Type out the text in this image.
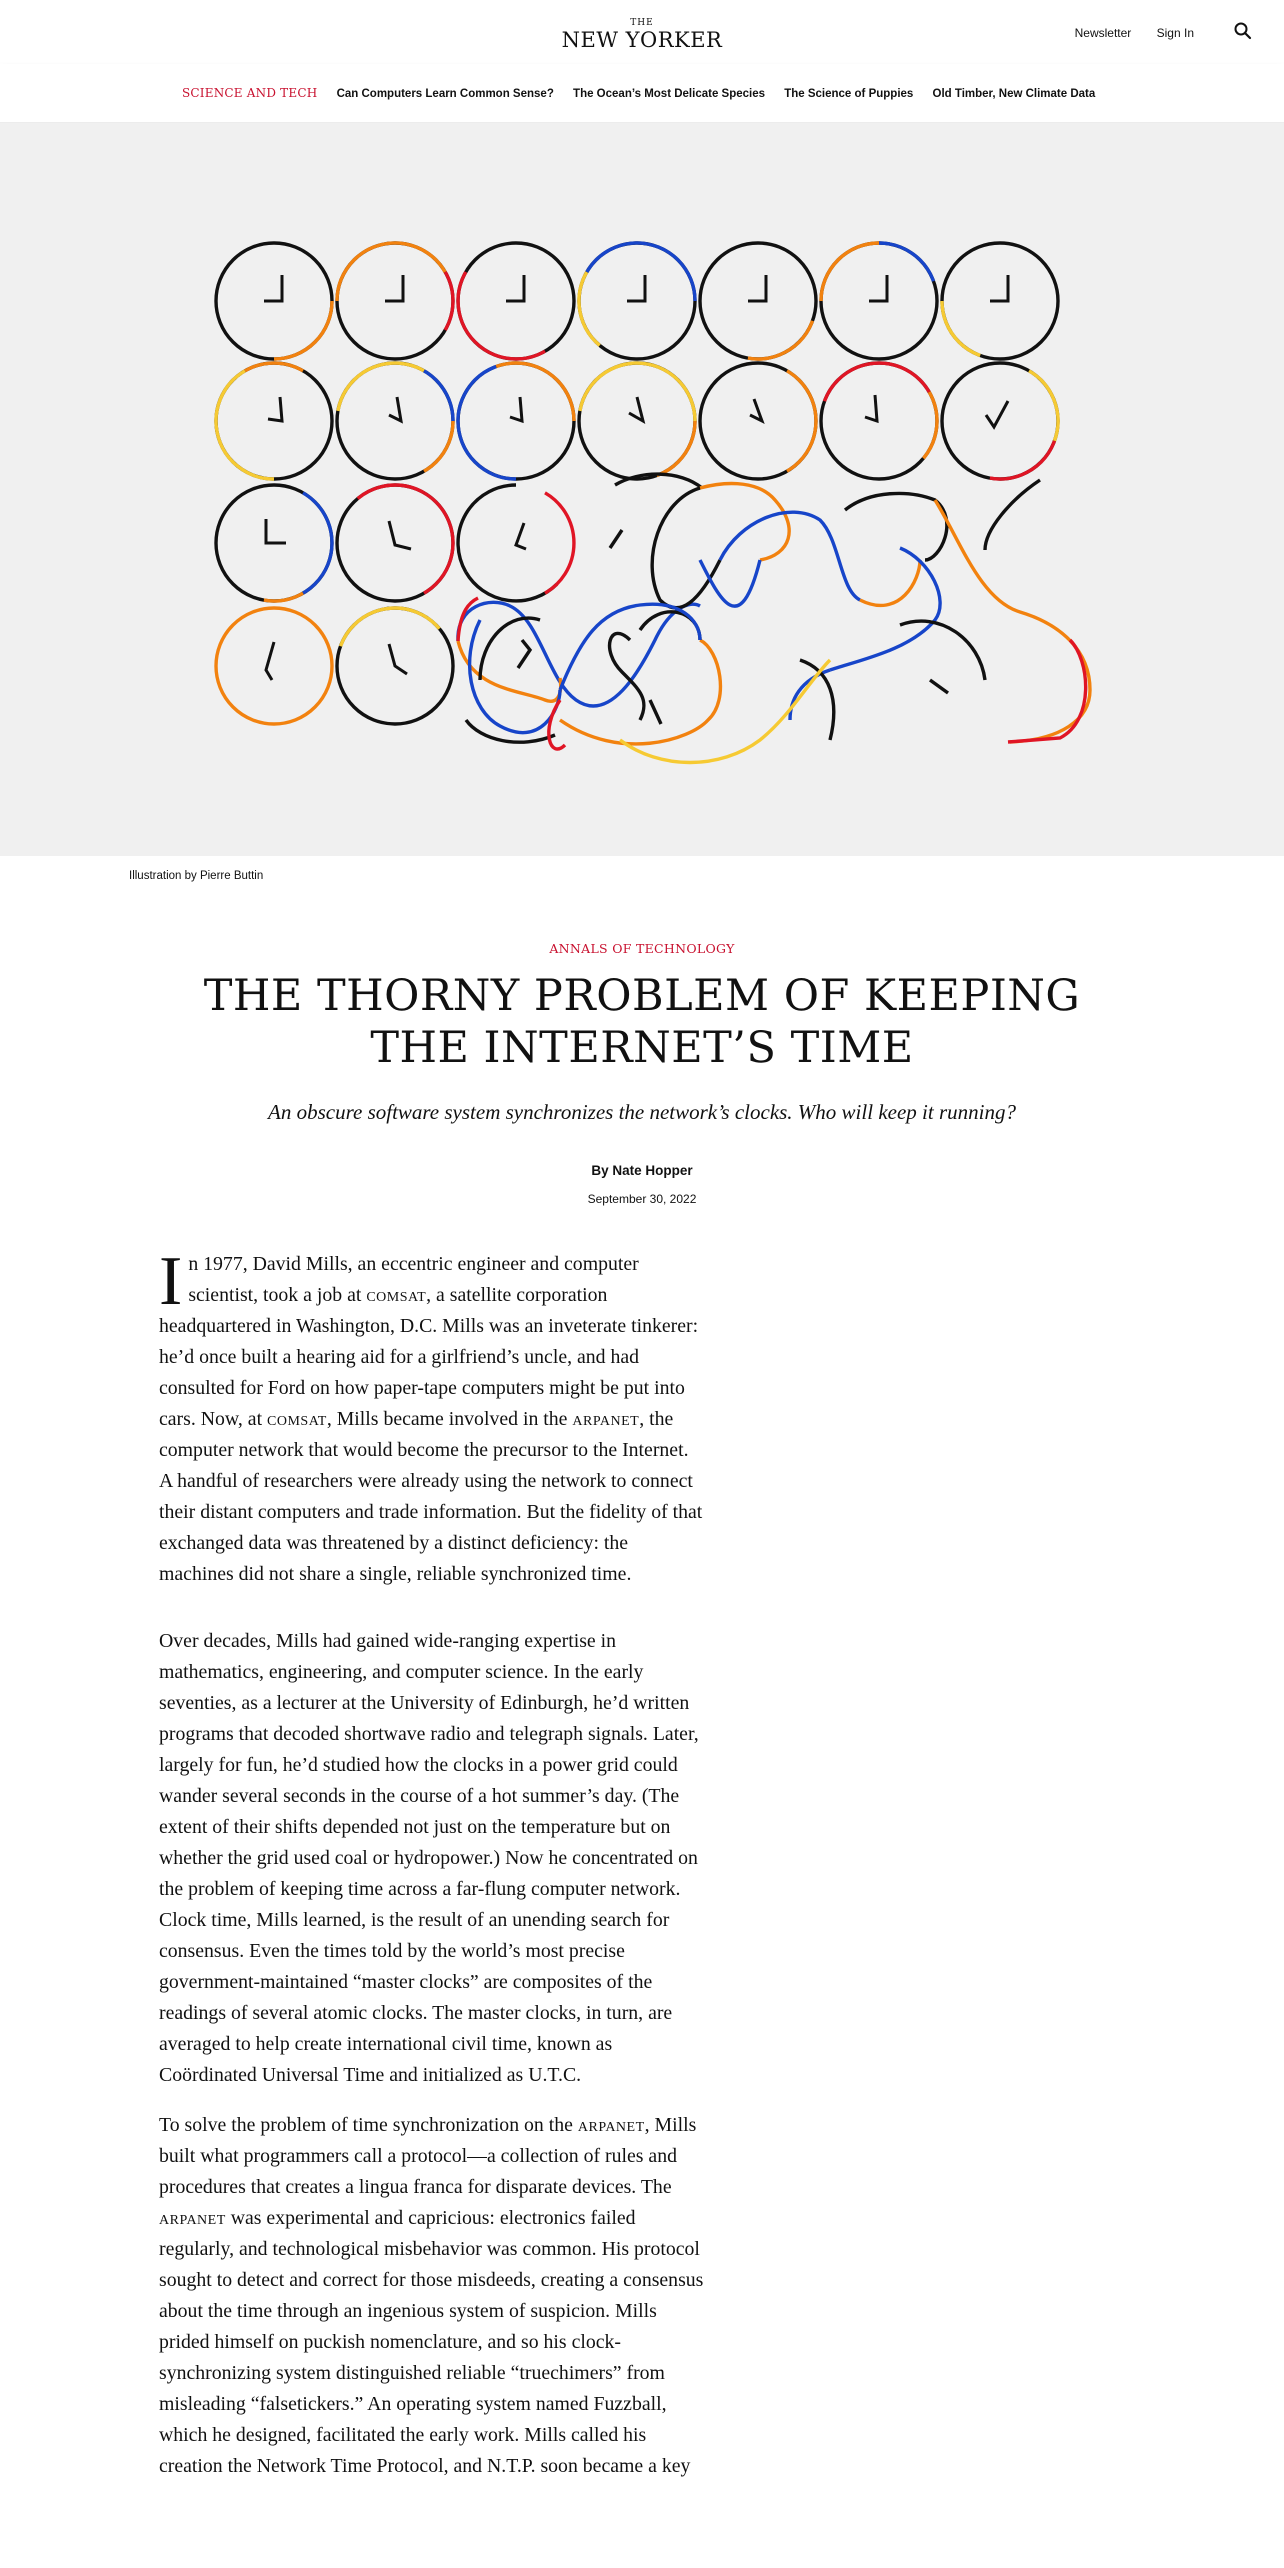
THE
NEW YORKER	Newsletter Sign In
SCIENCE AND TECH Can Computers Learn Common Sense? The Ocean’s Most Delicate Species The Science of Puppies Old Timber, New Climate Data
Illustration by Pierre Buttin
ANNALS OF TECHNOLOGY
THE THORNY PROBLEM OF KEEPING
THE INTERNET’S TIME
An obscure software system synchronizes the network’s clocks. Who will keep it running?
By Nate Hopper
September 30, 2022

In 1977, David Mills, an eccentric engineer and computer scientist, took a job at comsat, a satellite corporation headquartered in Washington, D.C. Mills was an inveterate tinkerer: he’d once built a hearing aid for a girlfriend’s uncle, and had consulted for Ford on how paper-tape computers might be put into cars. Now, at comsat, Mills became involved in the arpanet, the computer network that would become the precursor to the Internet. A handful of researchers were already using the network to connect their distant computers and trade information. But the fidelity of that exchanged data was threatened by a distinct deficiency: the machines did not share a single, reliable synchronized time.

Over decades, Mills had gained wide-ranging expertise in mathematics, engineering, and computer science. In the early seventies, as a lecturer at the University of Edinburgh, he’d written programs that decoded shortwave radio and telegraph signals. Later, largely for fun, he’d studied how the clocks in a power grid could wander several seconds in the course of a hot summer’s day. (The extent of their shifts depended not just on the temperature but on whether the grid used coal or hydropower.) Now he concentrated on the problem of keeping time across a far-flung computer network. Clock time, Mills learned, is the result of an unending search for consensus. Even the times told by the world’s most precise government-maintained “master clocks” are composites of the readings of several atomic clocks. The master clocks, in turn, are averaged to help create international civil time, known as Coördinated Universal Time and initialized as U.T.C.

To solve the problem of time synchronization on the arpanet, Mills built what programmers call a protocol—a collection of rules and procedures that creates a lingua franca for disparate devices. The arpanet was experimental and capricious: electronics failed regularly, and technological misbehavior was common. His protocol sought to detect and correct for those misdeeds, creating a consensus about the time through an ingenious system of suspicion. Mills prided himself on puckish nomenclature, and so his clock-synchronizing system distinguished reliable “truechimers” from misleading “falsetickers.” An operating system named Fuzzball, which he designed, facilitated the early work. Mills called his creation the Network Time Protocol, and N.T.P. soon became a key
